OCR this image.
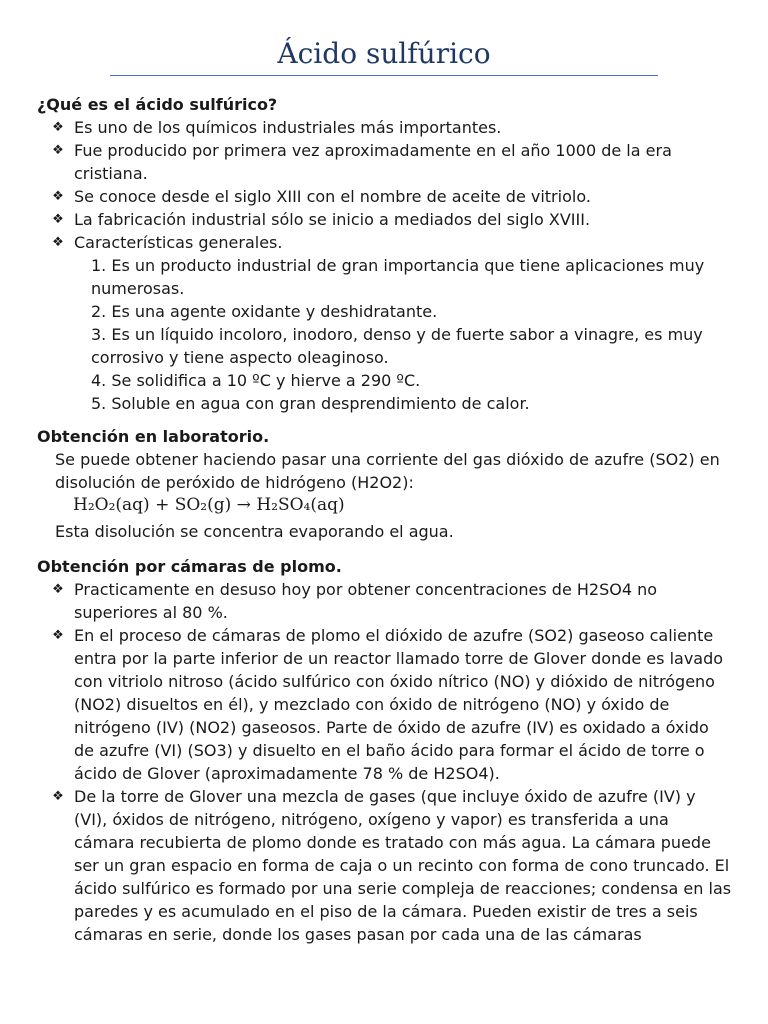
Ácido sulfúrico
¿Qué es el ácido sulfúrico?
❖ Es uno de los químicos industriales más importantes.
❖ Fue producido por primera vez aproximadamente en el año 1000 de la era cristiana.
❖ Se conoce desde el siglo XIII con el nombre de aceite de vitriolo.
❖ La fabricación industrial sólo se inicio a mediados del siglo XVIII.
❖ Características generales.
1. Es un producto industrial de gran importancia que tiene aplicaciones muy numerosas.
2. Es una agente oxidante y deshidratante.
3. Es un líquido incoloro, inodoro, denso y de fuerte sabor a vinagre, es muy corrosivo y tiene aspecto oleaginoso.
4. Se solidifica a 10 ºC y hierve a 290 ºC.
5. Soluble en agua con gran desprendimiento de calor.
Obtención en laboratorio.

Se puede obtener haciendo pasar una corriente del gas dióxido de azufre (SO2) en disolución de peróxido de hidrógeno (H2O2):

H₂O₂(aq) + SO₂(g) → H₂SO₄(aq)

Esta disolución se concentra evaporando el agua.

Obtención por cámaras de plomo.
❖ Practicamente en desuso hoy por obtener concentraciones de H2SO4 no superiores al 80 %.
❖ En el proceso de cámaras de plomo el dióxido de azufre (SO2) gaseoso caliente entra por la parte inferior de un reactor llamado torre de Glover donde es lavado con vitriolo nitroso (ácido sulfúrico con óxido nítrico (NO) y dióxido de nitrógeno (NO2) disueltos en él), y mezclado con óxido de nitrógeno (NO) y óxido de nitrógeno (IV) (NO2) gaseosos. Parte de óxido de azufre (IV) es oxidado a óxido de azufre (VI) (SO3) y disuelto en el baño ácido para formar el ácido de torre o ácido de Glover (aproximadamente 78 % de H2SO4).
❖ De la torre de Glover una mezcla de gases (que incluye óxido de azufre (IV) y (VI), óxidos de nitrógeno, nitrógeno, oxígeno y vapor) es transferida a una cámara recubierta de plomo donde es tratado con más agua. La cámara puede ser un gran espacio en forma de caja o un recinto con forma de cono truncado. El ácido sulfúrico es formado por una serie compleja de reacciones; condensa en las paredes y es acumulado en el piso de la cámara. Pueden existir de tres a seis cámaras en serie, donde los gases pasan por cada una de las cámaras
